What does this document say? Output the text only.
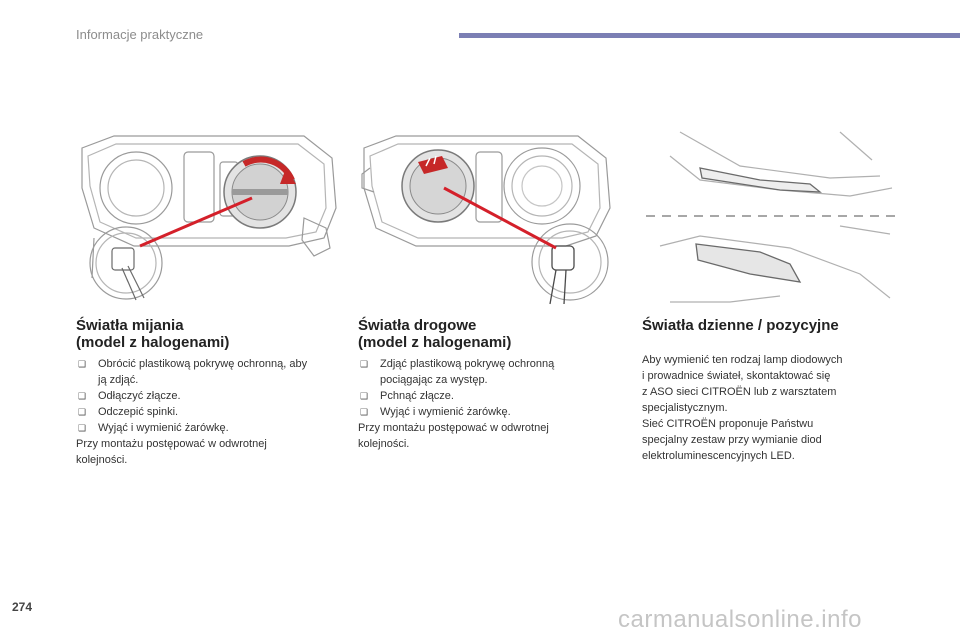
Informacje praktyczne
Światła mijania
(model z halogenami)
❑ Obrócić plastikową pokrywę ochronną, aby
ją zdjąć.
❑ Odłączyć złącze.
❑ Odczepić spinki.
❑ Wyjąć i wymienić żarówkę.

Przy montażu postępować w odwrotnej
kolejności.

Światła drogowe
(model z halogenami)
❑ Zdjąć plastikową pokrywę ochronną
pociągając za występ.
❑ Pchnąć złącze.
❑ Wyjąć i wymienić żarówkę.

Przy montażu postępować w odwrotnej
kolejności.

Światła dzienne / pozycyjne

Aby wymienić ten rodzaj lamp diodowych
i prowadnice świateł, skontaktować się
z ASO sieci CITROËN lub z warsztatem
specjalistycznym.
Sieć CITROËN proponuje Państwu
specjalny zestaw przy wymianie diod
elektroluminescencyjnych LED.

274	carmanualsonline.info
